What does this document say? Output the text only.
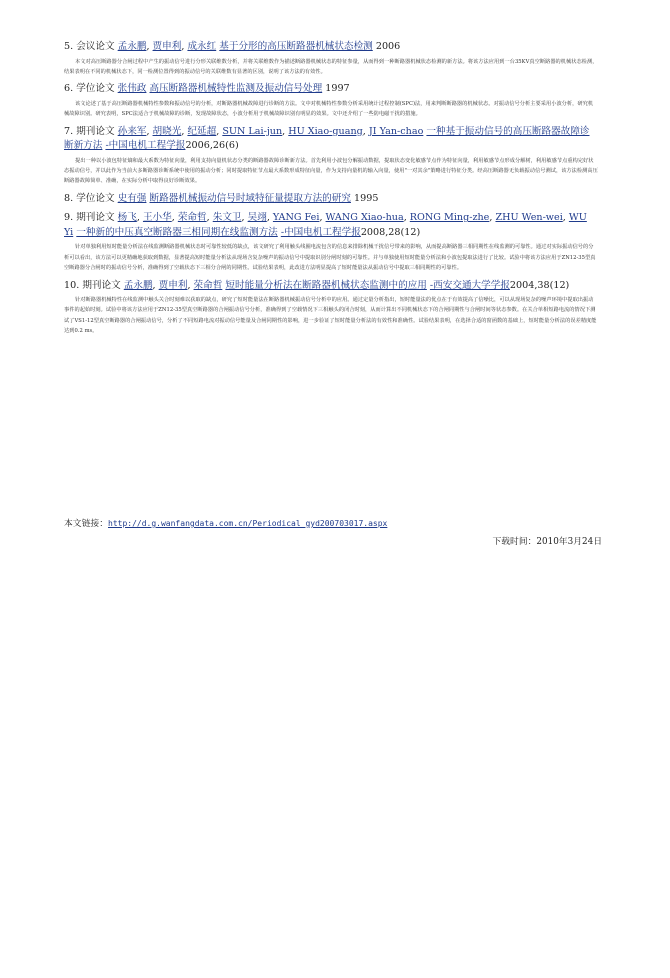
5. 会议论文 孟永鹏, 贾申利, 成永红 基于分形的高压断路器机械状态检测 2006
本文对高压断路器分合闸过程中产生的振动信号进行分形关联维数分析，并将关联维数作为描述断路器机械状态的特征参量，从而得到一种断路器机械状态检测的新方法。将该方法应用到一台35KV真空断路器的机械状态检测，结果表明在不同的机械状态下，同一检测位置得到的振动信号的关联维数有显著的区别，说明了该方法的有效性。
6. 学位论文 张伟政 高压断路器机械特性监测及振动信号处理 1997
该文论述了基于高压断路器机械特性参数和振动信号的分析，对断路器机械故障进行诊断的方法。文中对机械特性参数分析采用统计过程控制(SPC)法，用来判断断路器的机械状态。对振动信号分析主要采用小波分析，研究机械故障识别。研究表明，SPC法适合于机械故障的诊断，发现故障状态，小波分析用于机械故障识别有明显的效果。文中还介绍了一些防电磁干扰的措施。
7. 期刊论文 孙来军, 胡晓光, 纪延超, SUN Lai-jun, HU Xiao-guang, JI Yan-chao 一种基于振动信号的高压断路器故障诊断新方法 -中国电机工程学报2006,26(6)
提出一种以小波包特征熵和最大系数为特征向量，利用支持向量机状态分类的断路器故障诊断新方法。首先利用小波包分解振动数据，提取状态变化敏感节点作为特征向量，利用敏感节点形成分解树，利用敏感节点重构完好状态振动信号，并以此作为当前大多断路器诊断系统中使用的振动分析；同时提取特征节点最大系数形成特征向量，作为支持向量机的输入向量，使用"一对其余"策略进行特征分类。经高压断路器无负载振动信号测试，该方法检测高压断路器故障简单、准确，在实际分析中取得良好诊断效果。
8. 学位论文 史有强 断路器机械振动信号时域特征量提取方法的研究 1995
9. 期刊论文 杨飞, 王小华, 荣命哲, 朱文卫, 吴翊, YANG Fei, WANG Xiao-hua, RONG Ming-zhe, ZHU Wen-wei, WU Yi 一种新的中压真空断路器三相同期在线监测方法 -中国电机工程学报2008,28(12)
针对单独利用短时能量分析法在线监测断路器机械状态时可靠性较低的缺点，该文研究了利用触头线圈电流包含的信息来排除机械干扰信号带来的影响，从而提高断路器三相同期性在线监测的可靠性。通过对实际振动信号的分析可以看出，该方法可以更精确地获取到数据，显著提高短时能量分析法从现场含复杂噪声的振动信号中提取识别分闸时刻的可靠性。并与单独使用短时能量分析法和小波包提取法进行了比较。试验中将该方法应用于ZN12-35型真空断路器分合闸时的振动信号分析，准确得到了空载状态下三相分合闸的同期性。试验结果表明，此改进方法明显提高了短时能量法从振动信号中提取三相同期性的可靠性。
10. 期刊论文 孟永鹏, 贾申利, 荣命哲 短时能量分析法在断路器机械状态监测中的应用 -西安交通大学学报2004,38(12)
针对断路器机械特性在线监测中触头关合时刻难以获取的缺点，研究了短时能量法在断路器机械振动信号分析中的应用。通过定量分析指出，短时能量法的优点在于有效提高了信噪比，可以从现场复杂的噪声环境中提取出振动事件的起始时刻。试验中将该方法应用于ZN12-35型真空断路器的合闸振动信号分析，准确得到了空载情况下三相触头的闭合时刻，从而计算出不同机械状态下的合闸同期性与合闸时间等状态参数。在关合单相短路电流的情况下测试了VS1-12型真空断路器的合闸振动信号，分析了不同短路电流对振动信号能量及合闸同期性的影响，进一步验证了短时能量分析法的有效性和准确性。试验结果表明，在选择合适的窗函数的基础上，短时能量分析法的误差精度能达到0.2 ms。
本文链接：http://d.g.wanfangdata.com.cn/Periodical_gyd200703017.aspx
下载时间：2010年3月24日
